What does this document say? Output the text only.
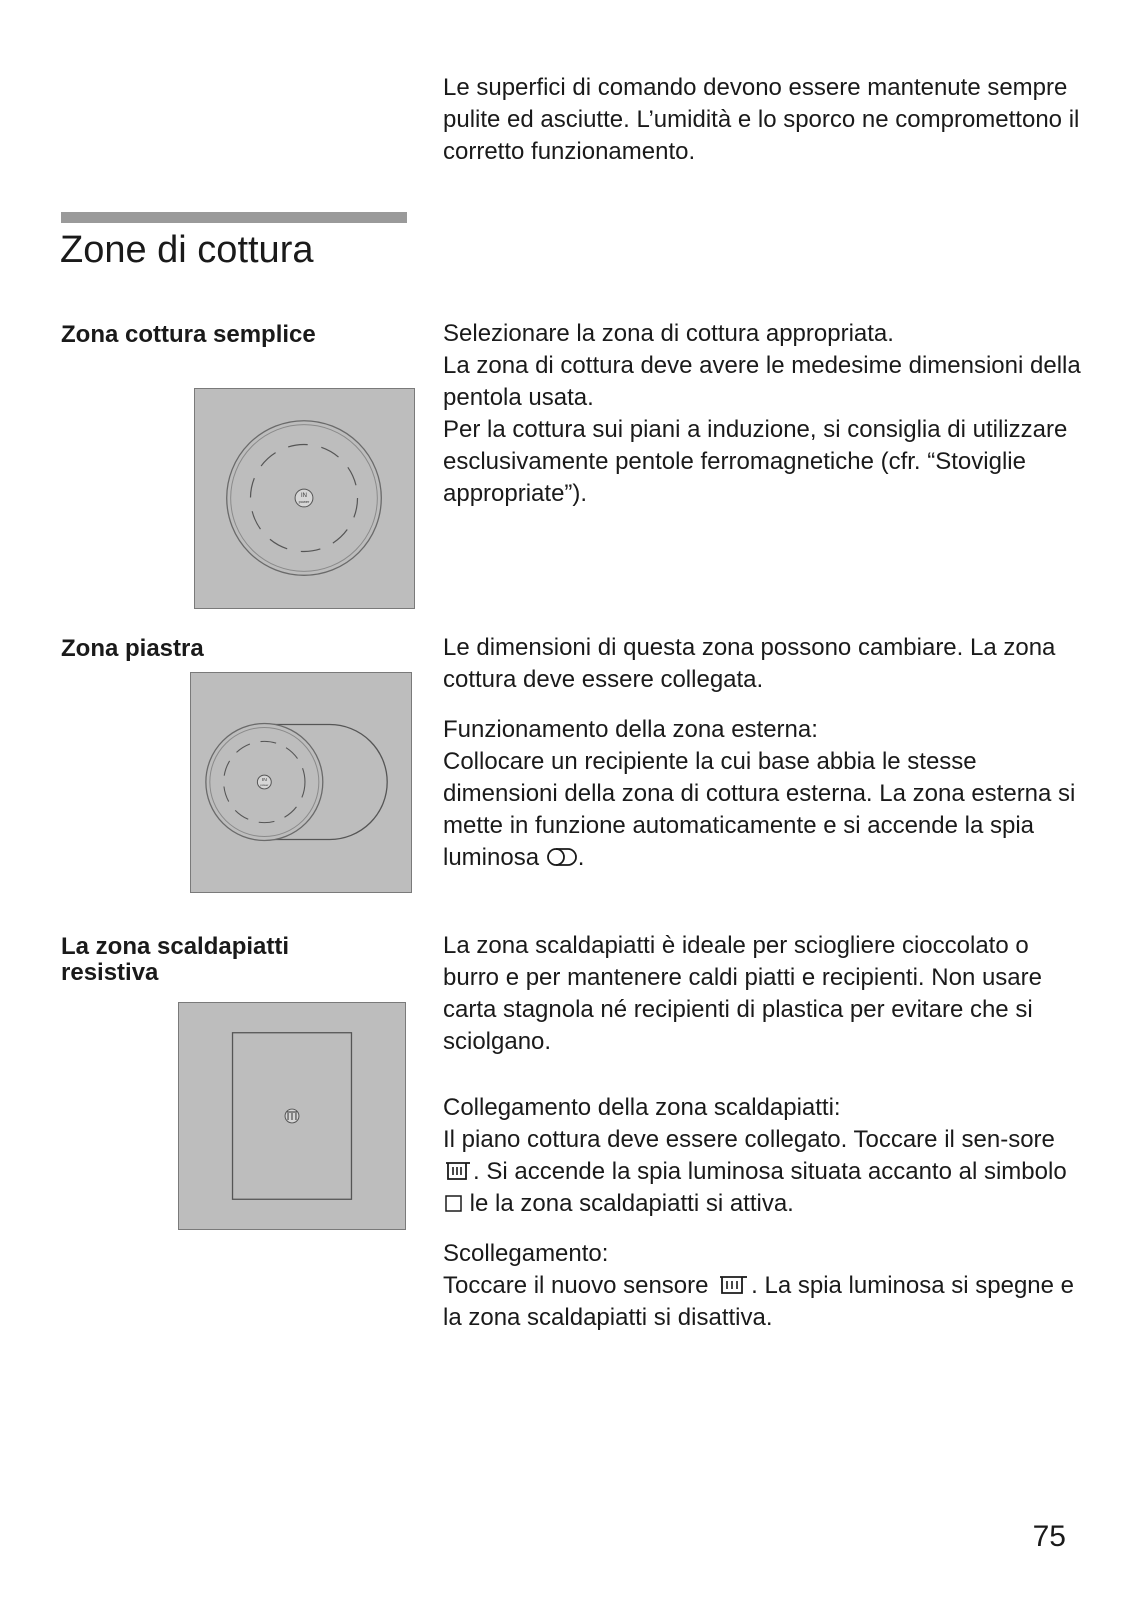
Le superfici di comando devono essere mantenute sempre pulite ed asciutte. L’umidità e lo sporco ne compromettono il corretto funzionamento.

Zone di cottura
Zona cottura semplice	Selezionare la zona di cottura appropriata.

La zona di cottura deve avere le medesime dimensioni della pentola usata.

Per la cottura sui piani a induzione, si consiglia di utilizzare esclusivamente pentole ferromagnetiche (cfr. “Stoviglie appropriate”).

IN
power
Zona piastra	Le dimensioni di questa zona possono cambiare. La zona cottura deve essere collegata.

Funzionamento della zona esterna:
Collocare un recipiente la cui base abbia le stesse dimensioni della zona di cottura esterna. La zona esterna si mette in funzione automaticamente e si accende la spia luminosa .

IN
power
La zona scaldapiatti resistiva

La zona scaldapiatti è ideale per sciogliere cioccolato o burro e per mantenere caldi piatti e recipienti. Non usare carta stagnola né recipienti di plastica per evitare che si sciolgano.

Collegamento della zona scaldapiatti:
Il piano cottura deve essere collegato. Toccare il sen-sore . Si accende la spia luminosa situata accanto al simbolo  le la zona scaldapiatti si attiva.

Scollegamento:
Toccare il nuovo sensore . La spia luminosa si spegne e la zona scaldapiatti si disattiva.

75
